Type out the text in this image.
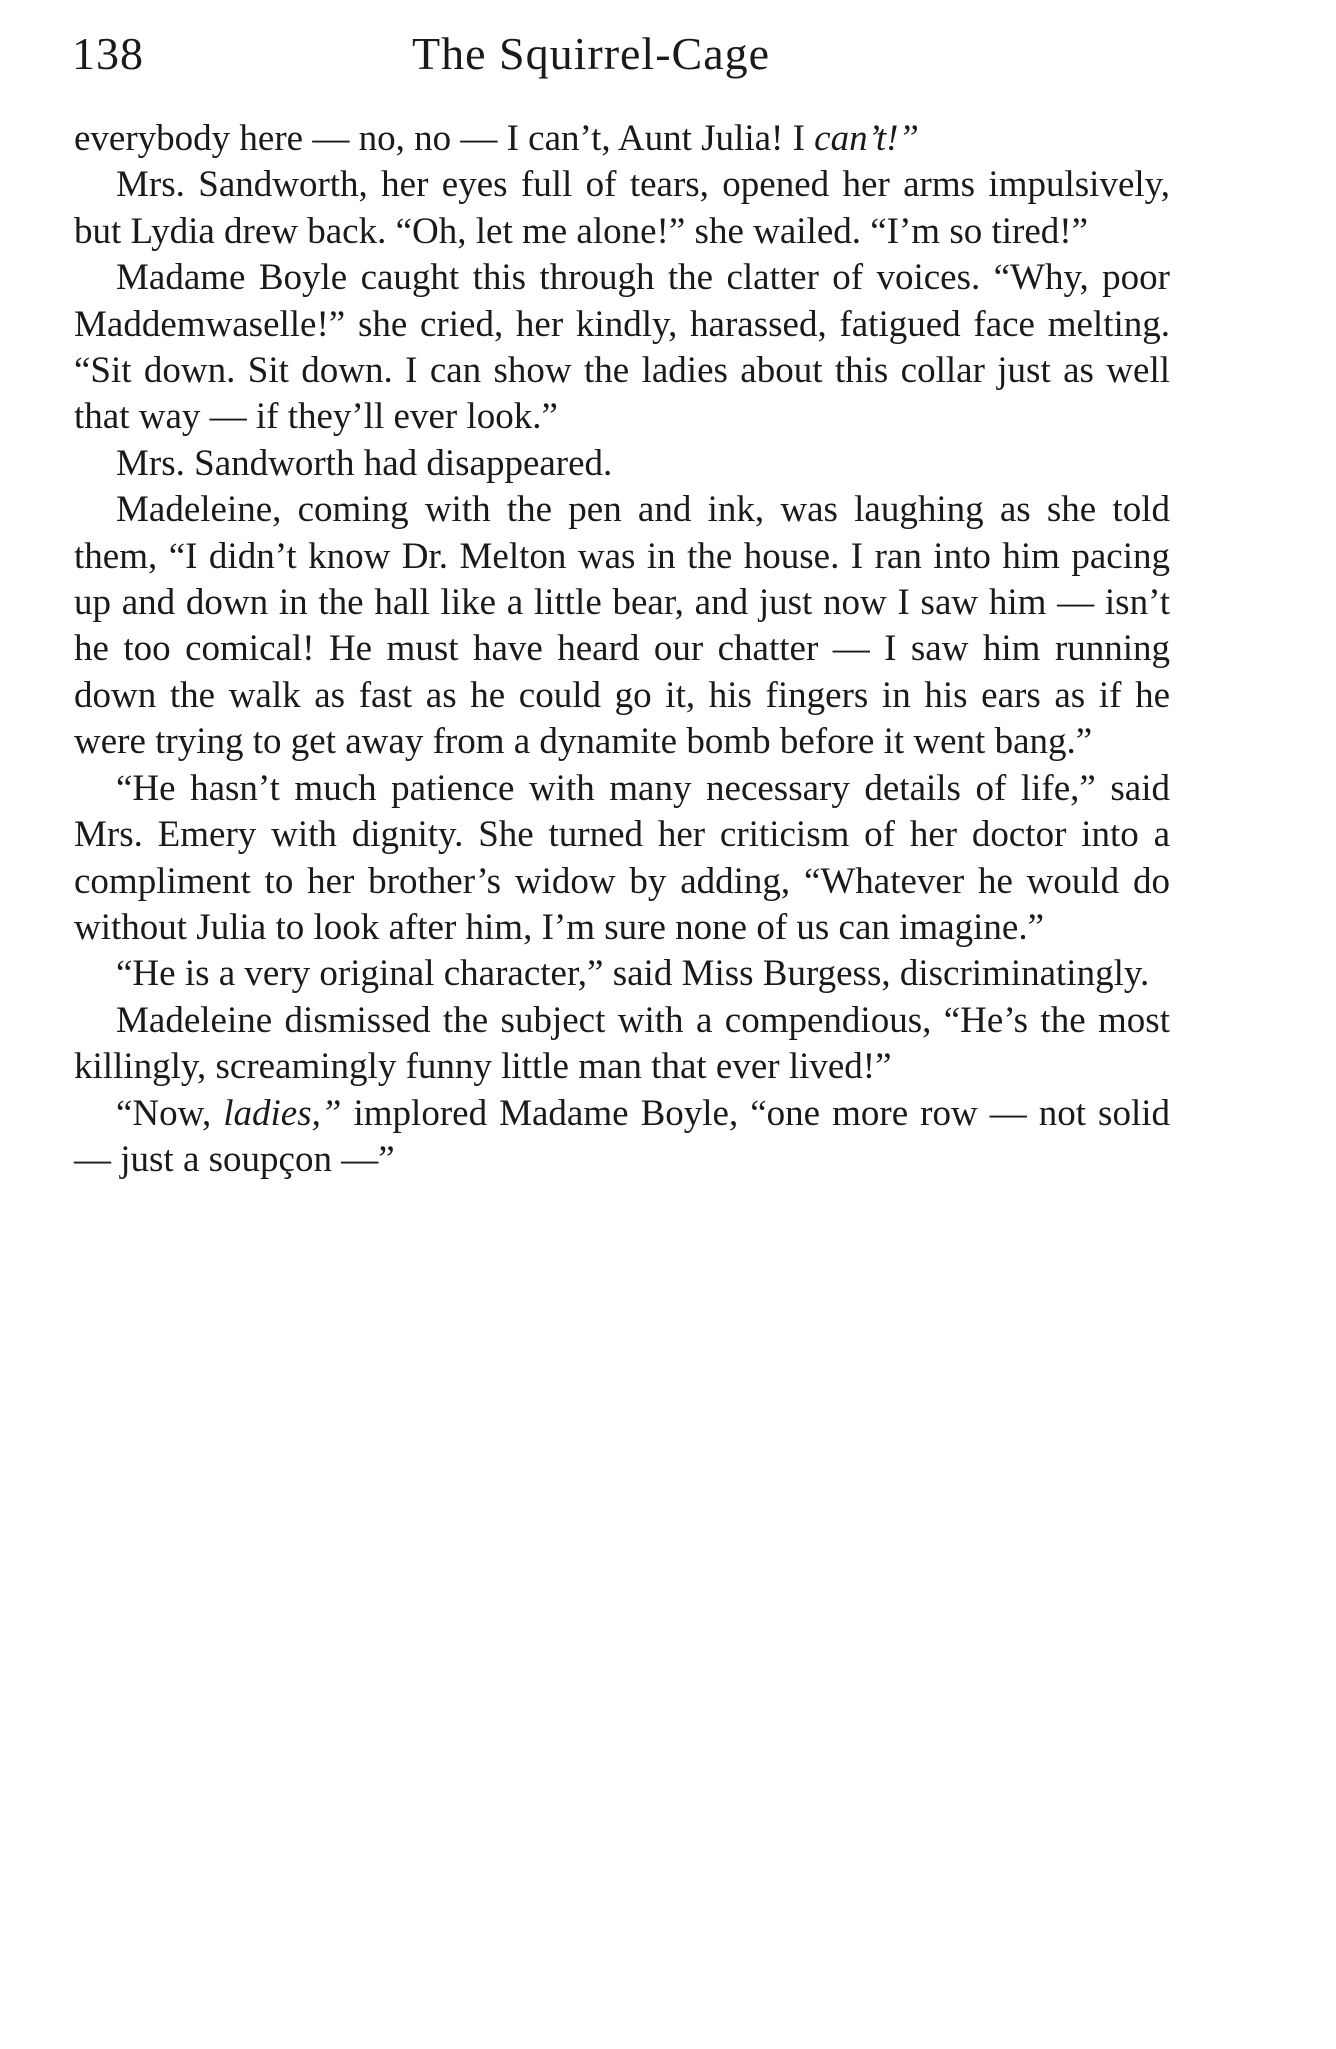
138	The Squirrel-Cage

everybody here — no, no — I can’t, Aunt Julia! I can’t!”

Mrs. Sandworth, her eyes full of tears, opened her arms impulsively, but Lydia drew back. “Oh, let me alone!” she wailed. “I’m so tired!”

Madame Boyle caught this through the clatter of voices. “Why, poor Maddemwaselle!” she cried, her kindly, harassed, fatigued face melting. “Sit down. Sit down. I can show the ladies about this collar just as well that way — if they’ll ever look.”

Mrs. Sandworth had disappeared.

Madeleine, coming with the pen and ink, was laughing as she told them, “I didn’t know Dr. Melton was in the house. I ran into him pacing up and down in the hall like a little bear, and just now I saw him — isn’t he too comical! He must have heard our chatter — I saw him running down the walk as fast as he could go it, his fingers in his ears as if he were trying to get away from a dynamite bomb before it went bang.”

“He hasn’t much patience with many necessary details of life,” said Mrs. Emery with dignity. She turned her criticism of her doctor into a compliment to her brother’s widow by adding, “Whatever he would do without Julia to look after him, I’m sure none of us can imagine.”

“He is a very original character,” said Miss Burgess, discriminatingly.

Madeleine dismissed the subject with a compendious, “He’s the most killingly, screamingly funny little man that ever lived!”

“Now, ladies,” implored Madame Boyle, “one more row — not solid — just a soupçon —”
